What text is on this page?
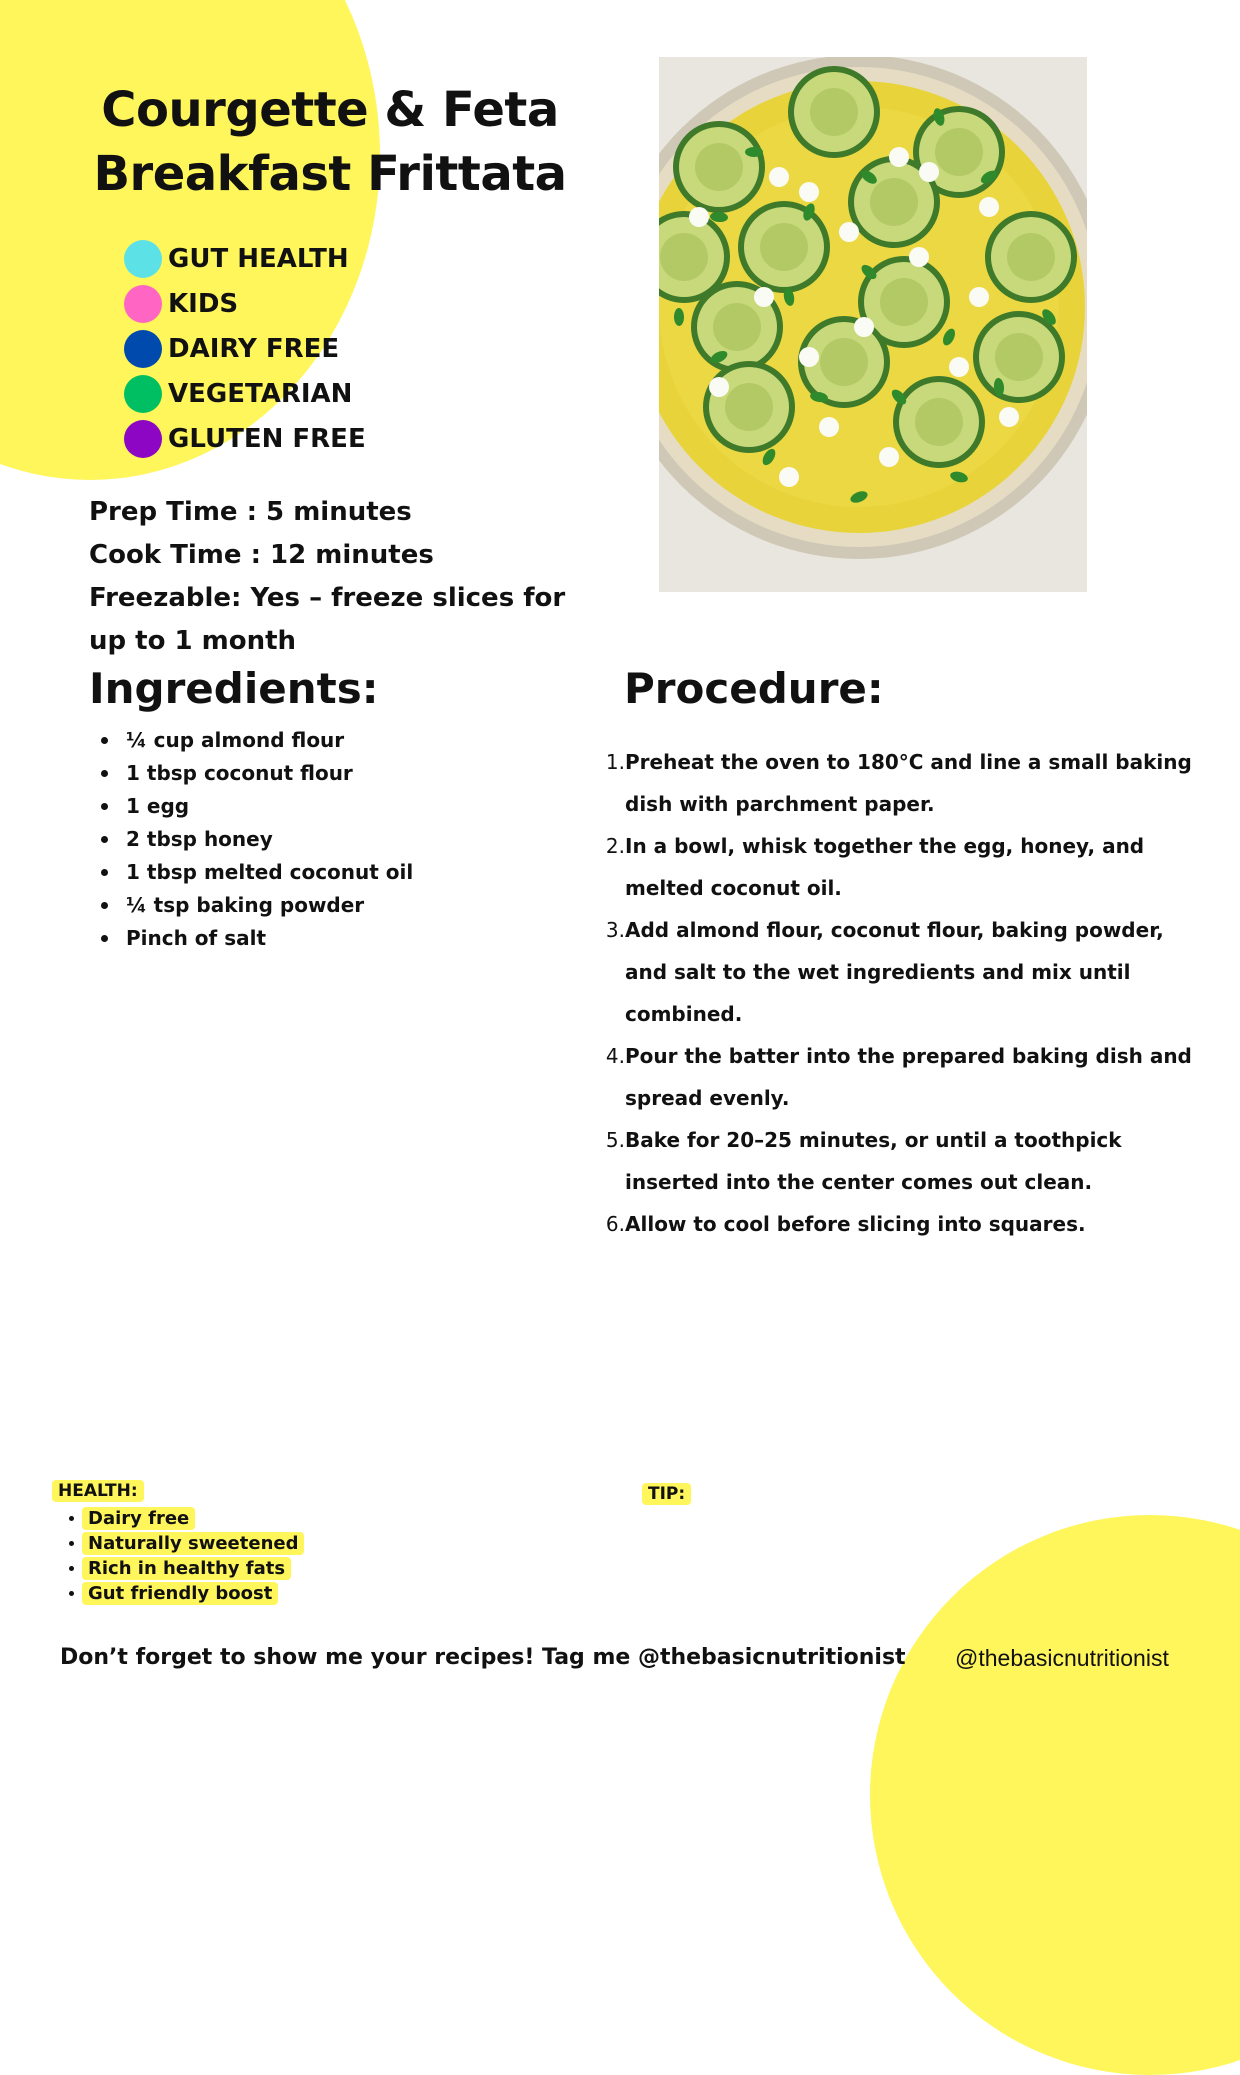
Courgette & Feta
Breakfast Frittata
GUT HEALTH
KIDS
DAIRY FREE
VEGETARIAN
GLUTEN FREE

Prep Time : 5 minutes

Cook Time : 12 minutes

Freezable: Yes – freeze slices for up to 1 month

Ingredients:
¼ cup almond flour
1 tbsp coconut flour
1 egg
2 tbsp honey
1 tbsp melted coconut oil
¼ tsp baking powder
Pinch of salt
Procedure:
1. Preheat the oven to 180°C and line a small baking dish with parchment paper.
2. In a bowl, whisk together the egg, honey, and melted coconut oil.
3. Add almond flour, coconut flour, baking powder, and salt to the wet ingredients and mix until combined.
4. Pour the batter into the prepared baking dish and spread evenly.
5. Bake for 20–25 minutes, or until a toothpick inserted into the center comes out clean.
6. Allow to cool before slicing into squares.
HEALTH:
Dairy free
Naturally sweetened
Rich in healthy fats
Gut friendly boost
TIP:

Don’t forget to show me your recipes! Tag me @thebasicnutritionist @thebasicnutritionist
